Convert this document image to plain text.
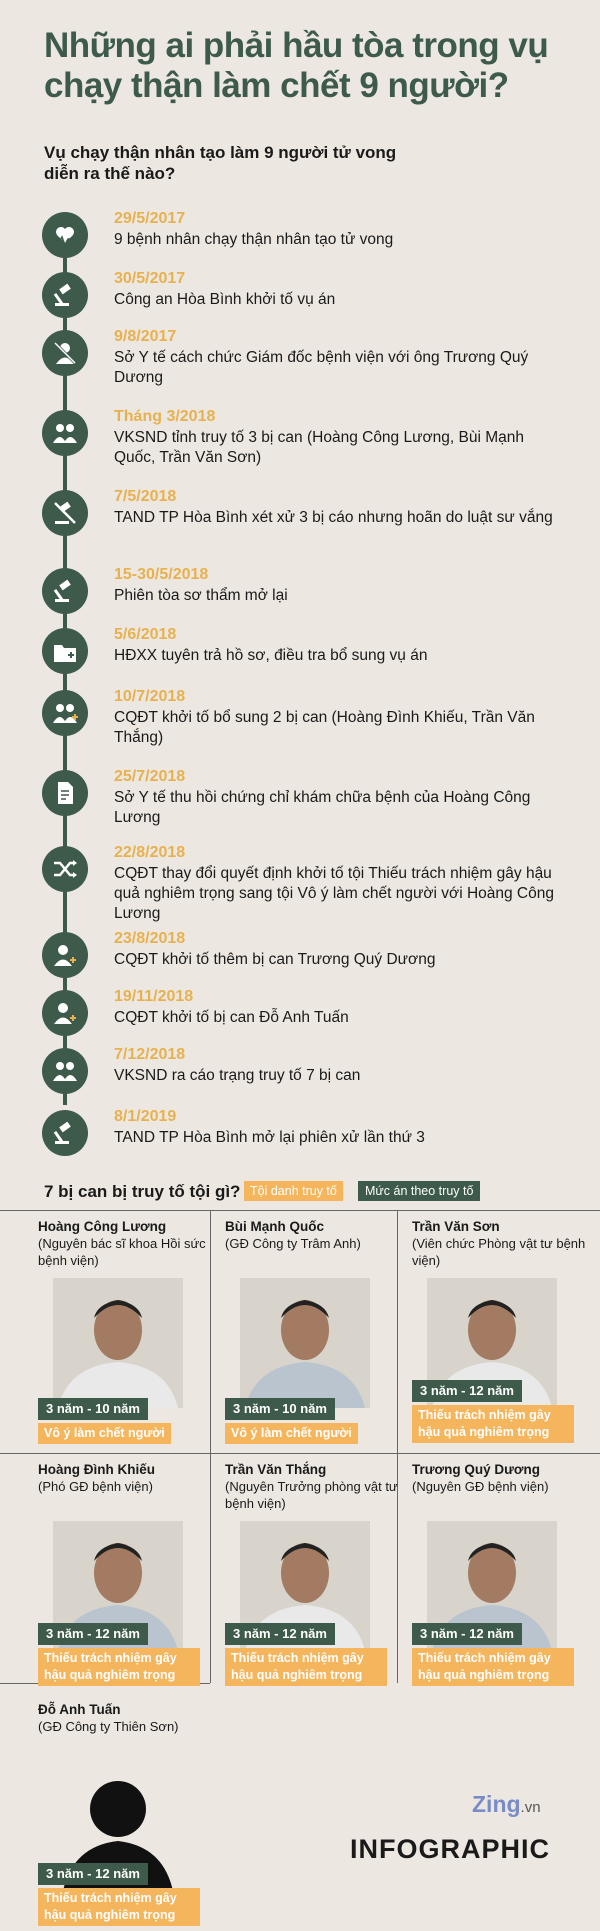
Những ai phải hầu tòa trong vụ chạy thận làm chết 9 người?
Vụ chạy thận nhân tạo làm 9 người tử vong diễn ra thế nào?
29/5/2017
9 bệnh nhân chạy thận nhân tạo tử vong
30/5/2017
Công an Hòa Bình khởi tố vụ án
9/8/2017
Sở Y tế cách chức Giám đốc bệnh viện với ông Trương Quý Dương
Tháng 3/2018
VKSND tỉnh truy tố 3 bị can (Hoàng Công Lương, Bùi Mạnh Quốc, Trần Văn Sơn)
7/5/2018
TAND TP Hòa Bình xét xử 3 bị cáo nhưng hoãn do luật sư vắng
15-30/5/2018
Phiên tòa sơ thẩm mở lại
5/6/2018
HĐXX tuyên trả hồ sơ, điều tra bổ sung vụ án
10/7/2018
CQĐT khởi tố bổ sung 2 bị can (Hoàng Đình Khiếu, Trần Văn Thắng)
25/7/2018
Sở Y tế thu hồi chứng chỉ khám chữa bệnh của Hoàng Công Lương
22/8/2018
CQĐT thay đổi quyết định khởi tố tội Thiếu trách nhiệm gây hậu quả nghiêm trọng sang tội Vô ý làm chết người với Hoàng Công Lương
23/8/2018
CQĐT khởi tố thêm bị can Trương Quý Dương
19/11/2018
CQĐT khởi tố bị can Đỗ Anh Tuấn
7/12/2018
VKSND ra cáo trạng truy tố 7 bị can
8/1/2019
TAND TP Hòa Bình mở lại phiên xử lần thứ 3
7 bị can bị truy tố tội gì? Tội danh truy tố	Mức án theo truy tố
Hoàng Công Lương
(Nguyên bác sĩ khoa Hồi sức bệnh viện)
3 năm - 10 năm
Vô ý làm chết người
Bùi Mạnh Quốc
(GĐ Công ty Trâm Anh)
3 năm - 10 năm
Vô ý làm chết người
Trần Văn Sơn
(Viên chức Phòng vật tư bệnh viện)
3 năm - 12 năm
Thiếu trách nhiệm gây hậu quả nghiêm trọng
Hoàng Đình Khiếu
(Phó GĐ bệnh viện)
3 năm - 12 năm
Thiếu trách nhiệm gây hậu quả nghiêm trọng
Trần Văn Thắng
(Nguyên Trưởng phòng vật tư bệnh viện)
3 năm - 12 năm
Thiếu trách nhiệm gây hậu quả nghiêm trọng
Trương Quý Dương
(Nguyên GĐ bệnh viện)
3 năm - 12 năm
Thiếu trách nhiệm gây hậu quả nghiêm trọng
Đỗ Anh Tuấn
(GĐ Công ty Thiên Sơn)
3 năm - 12 năm
Thiếu trách nhiệm gây hậu quả nghiêm trọng
Zing.vn
INFOGRAPHIC
